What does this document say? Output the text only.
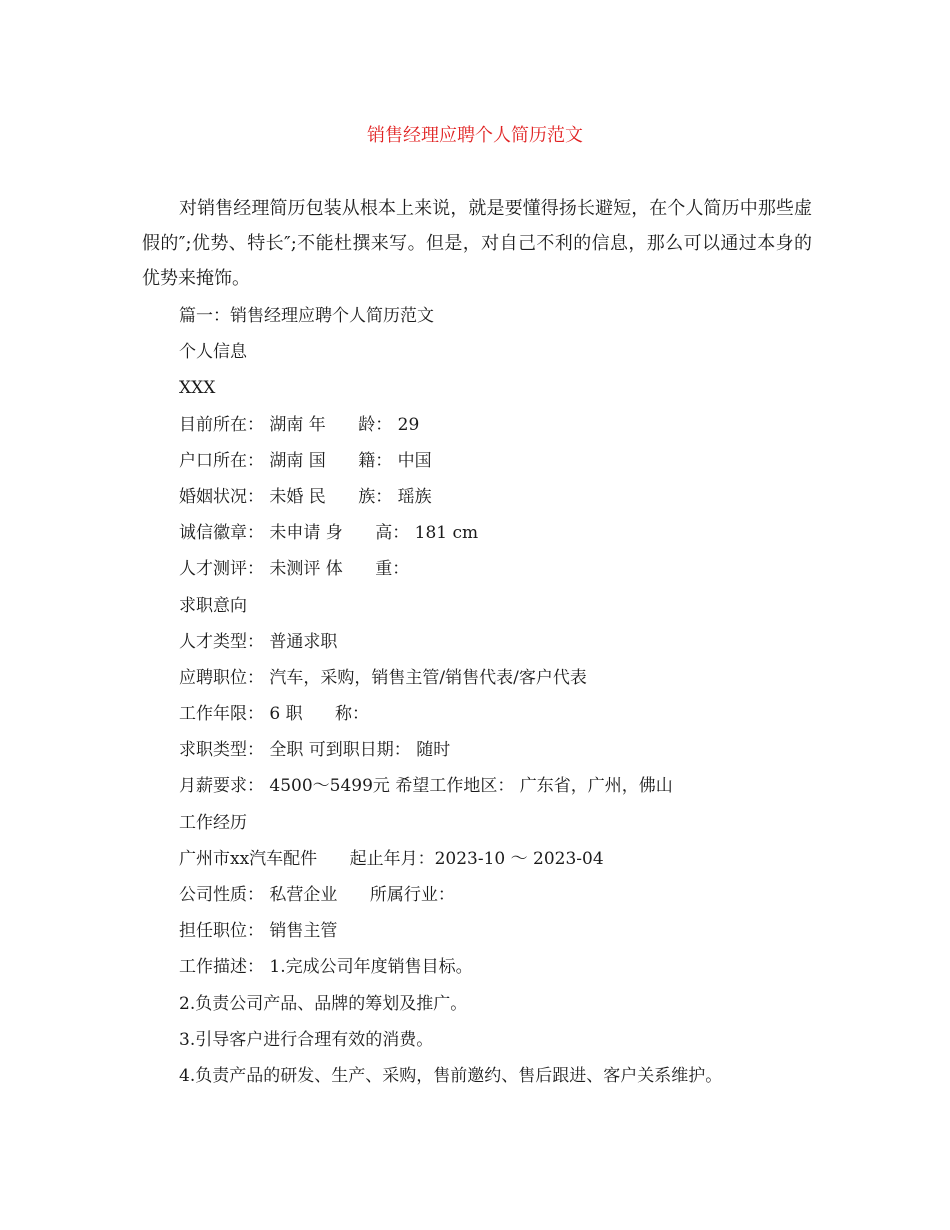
销售经理应聘个人简历范文
对销售经理简历包装从根本上来说，就是要懂得扬长避短，在个人简历中那些虚假的″;优势、特长″;不能杜撰来写。但是，对自己不利的信息，那么可以通过本身的优势来掩饰。
篇一：销售经理应聘个人简历范文
个人信息
XXX
目前所在： 湖南 年      龄： 29
户口所在： 湖南 国      籍： 中国
婚姻状况： 未婚 民      族： 瑶族
诚信徽章： 未申请 身      高： 181 cm
人才测评： 未测评 体      重：
求职意向
人才类型： 普通求职
应聘职位： 汽车，采购，销售主管/销售代表/客户代表
工作年限： 6 职      称：
求职类型： 全职 可到职日期： 随时
月薪要求： 4500～5499元 希望工作地区： 广东省，广州，佛山
工作经历
广州市xx汽车配件      起止年月：2023-10 ～ 2023-04
公司性质： 私营企业      所属行业：
担任职位： 销售主管
工作描述： 1.完成公司年度销售目标。
2.负责公司产品、品牌的筹划及推广。
3.引导客户进行合理有效的消费。
4.负责产品的研发、生产、采购，售前邀约、售后跟进、客户关系维护。
